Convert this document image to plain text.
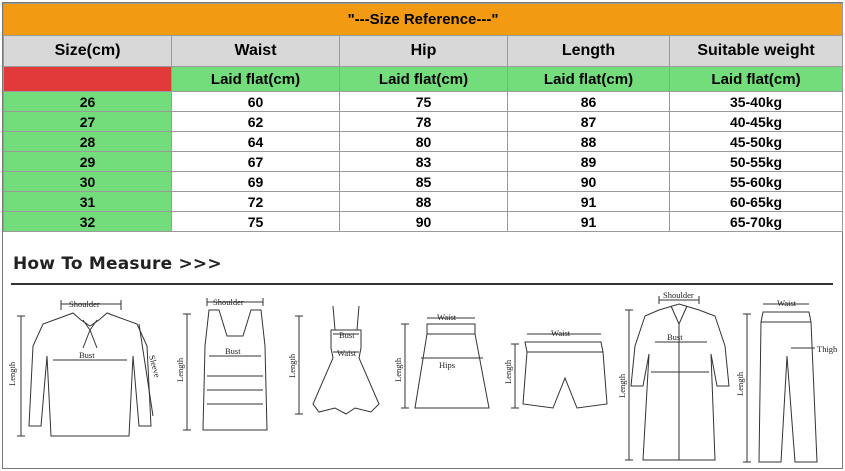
"---Size Reference---"				
Size(cm)	Waist	Hip	Length	Suitable weight
	Laid flat(cm)	Laid flat(cm)	Laid flat(cm)	Laid flat(cm)
26	60	75	86	35-40kg
27	62	78	87	40-45kg
28	64	80	88	45-50kg
29	67	83	89	50-55kg
30	69	85	90	55-60kg
31	72	88	91	60-65kg
32	75	90	91	65-70kg
How To Measure >>>
Shoulder
Bust
Length	Sleeve
Shoulder
Bust
Length
Bust
Waist
Length
Waist
Hips
Length
Waist
Length
Shoulder
Bust
Length
Waist
Thigh
Length
